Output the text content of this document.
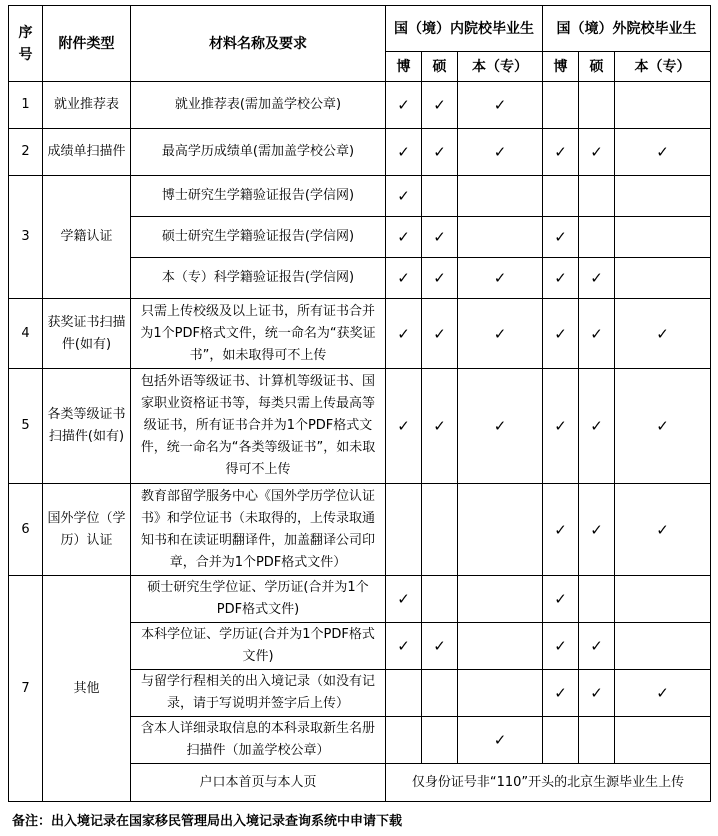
序号	附件类型	材料名称及要求	国（境）内院校毕业生			国（境）外院校毕业生		
			博	硕	本（专）	博	硕	本（专）
1	就业推荐表	就业推荐表(需加盖学校公章)	✓	✓	✓			
2	成绩单扫描件	最高学历成绩单(需加盖学校公章)	✓	✓	✓	✓	✓	✓
3	学籍认证	博士研究生学籍验证报告(学信网)	✓					
		硕士研究生学籍验证报告(学信网)	✓	✓		✓		
		本（专）科学籍验证报告(学信网)	✓	✓	✓	✓	✓	
4	获奖证书扫描件(如有)	只需上传校级及以上证书，所有证书合并为1个PDF格式文件，统一命名为“获奖证书”，如未取得可不上传	✓	✓	✓	✓	✓	✓
5	各类等级证书扫描件(如有)	包括外语等级证书、计算机等级证书、国家职业资格证书等，每类只需上传最高等级证书，所有证书合并为1个PDF格式文件，统一命名为“各类等级证书”，如未取得可不上传	✓	✓	✓	✓	✓	✓
6	国外学位（学历）认证	教育部留学服务中心《国外学历学位认证书》和学位证书（未取得的，上传录取通知书和在读证明翻译件，加盖翻译公司印章，合并为1个PDF格式文件）				✓	✓	✓
7	其他	硕士研究生学位证、学历证(合并为1个PDF格式文件)	✓			✓		
		本科学位证、学历证(合并为1个PDF格式文件)	✓	✓		✓	✓	
		与留学行程相关的出入境记录（如没有记录，请于写说明并签字后上传）				✓	✓	✓
		含本人详细录取信息的本科录取新生名册扫描件（加盖学校公章）			✓			
		户口本首页与本人页	仅身份证号非“110”开头的北京生源毕业生上传					
备注：出入境记录在国家移民管理局出入境记录查询系统中申请下载
